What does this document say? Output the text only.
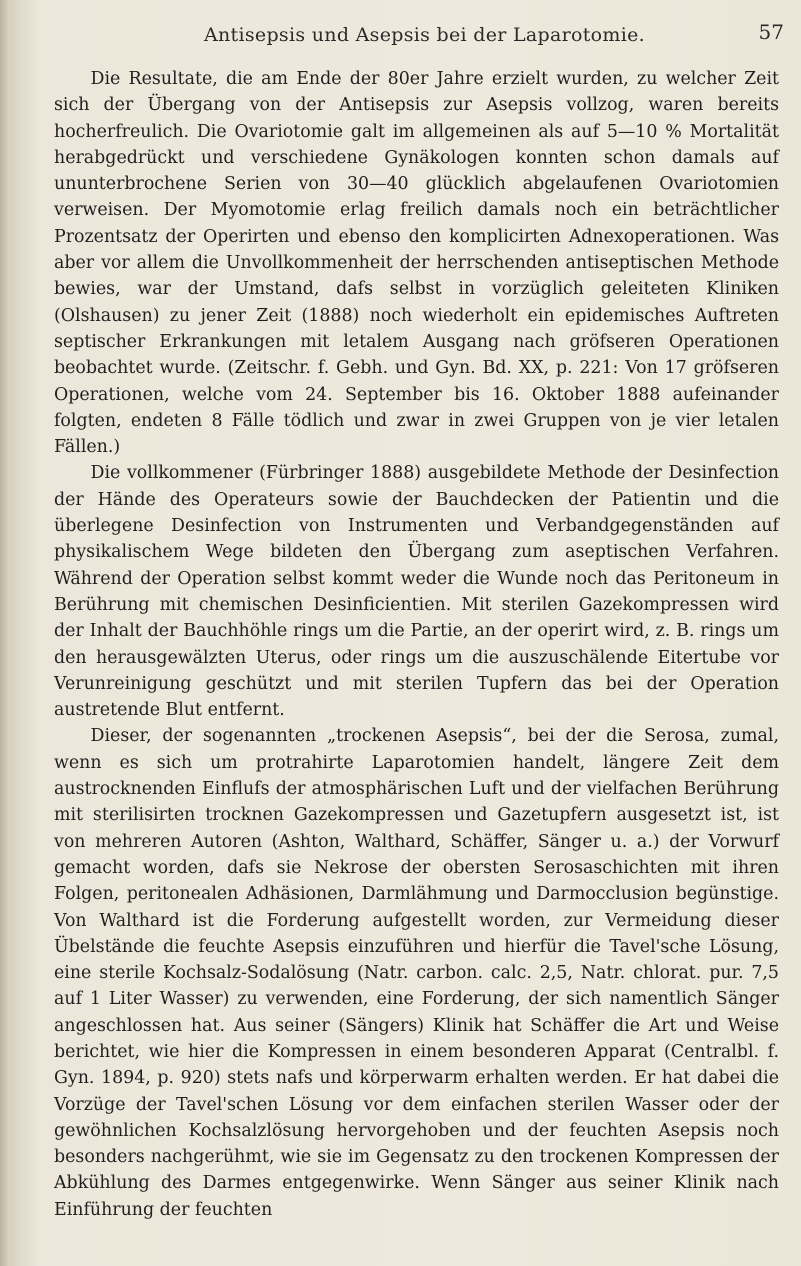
Antisepsis und Asepsis bei der Laparotomie.	57

Die Resultate, die am Ende der 80er Jahre erzielt wurden, zu welcher Zeit sich der Übergang von der Antisepsis zur Asepsis vollzog, waren bereits hocherfreulich. Die Ovariotomie galt im allgemeinen als auf 5—10 % Mortalität herabgedrückt und verschiedene Gynäkologen konnten schon damals auf ununterbrochene Serien von 30—40 glücklich abgelaufenen Ovariotomien verweisen. Der Myomotomie erlag freilich damals noch ein beträchtlicher Prozentsatz der Operirten und ebenso den komplicirten Adnexoperationen. Was aber vor allem die Unvollkommenheit der herrschenden antiseptischen Methode bewies, war der Umstand, dafs selbst in vorzüglich geleiteten Kliniken (Olshausen) zu jener Zeit (1888) noch wiederholt ein epidemisches Auftreten septischer Erkrankungen mit letalem Ausgang nach gröfseren Operationen beobachtet wurde. (Zeitschr. f. Gebh. und Gyn. Bd. XX, p. 221: Von 17 gröfseren Operationen, welche vom 24. September bis 16. Oktober 1888 aufeinander folgten, endeten 8 Fälle tödlich und zwar in zwei Gruppen von je vier letalen Fällen.)

Die vollkommener (Fürbringer 1888) ausgebildete Methode der Desinfection der Hände des Operateurs sowie der Bauchdecken der Patientin und die überlegene Desinfection von Instrumenten und Verbandgegenständen auf physikalischem Wege bildeten den Übergang zum aseptischen Verfahren. Während der Operation selbst kommt weder die Wunde noch das Peritoneum in Berührung mit chemischen Desinficientien. Mit sterilen Gazekompressen wird der Inhalt der Bauchhöhle rings um die Partie, an der operirt wird, z. B. rings um den herausgewälzten Uterus, oder rings um die auszuschälende Eitertube vor Verunreinigung geschützt und mit sterilen Tupfern das bei der Operation austretende Blut entfernt.

Dieser, der sogenannten „trockenen Asepsis“, bei der die Serosa, zumal, wenn es sich um protrahirte Laparotomien handelt, längere Zeit dem austrocknenden Einflufs der atmosphärischen Luft und der vielfachen Berührung mit sterilisirten trocknen Gazekompressen und Gazetupfern ausgesetzt ist, ist von mehreren Autoren (Ashton, Walthard, Schäffer, Sänger u. a.) der Vorwurf gemacht worden, dafs sie Nekrose der obersten Serosaschichten mit ihren Folgen, peritonealen Adhäsionen, Darmlähmung und Darmocclusion begünstige. Von Walthard ist die Forderung aufgestellt worden, zur Vermeidung dieser Übelstände die feuchte Asepsis einzuführen und hierfür die Tavel'sche Lösung, eine sterile Kochsalz-Sodalösung (Natr. carbon. calc. 2,5, Natr. chlorat. pur. 7,5 auf 1 Liter Wasser) zu verwenden, eine Forderung, der sich namentlich Sänger angeschlossen hat. Aus seiner (Sängers) Klinik hat Schäffer die Art und Weise berichtet, wie hier die Kompressen in einem besonderen Apparat (Centralbl. f. Gyn. 1894, p. 920) stets nafs und körperwarm erhalten werden. Er hat dabei die Vorzüge der Tavel'schen Lösung vor dem einfachen sterilen Wasser oder der gewöhnlichen Kochsalzlösung hervorgehoben und der feuchten Asepsis noch besonders nachgerühmt, wie sie im Gegensatz zu den trockenen Kompressen der Abkühlung des Darmes entgegenwirke. Wenn Sänger aus seiner Klinik nach Einführung der feuchten
